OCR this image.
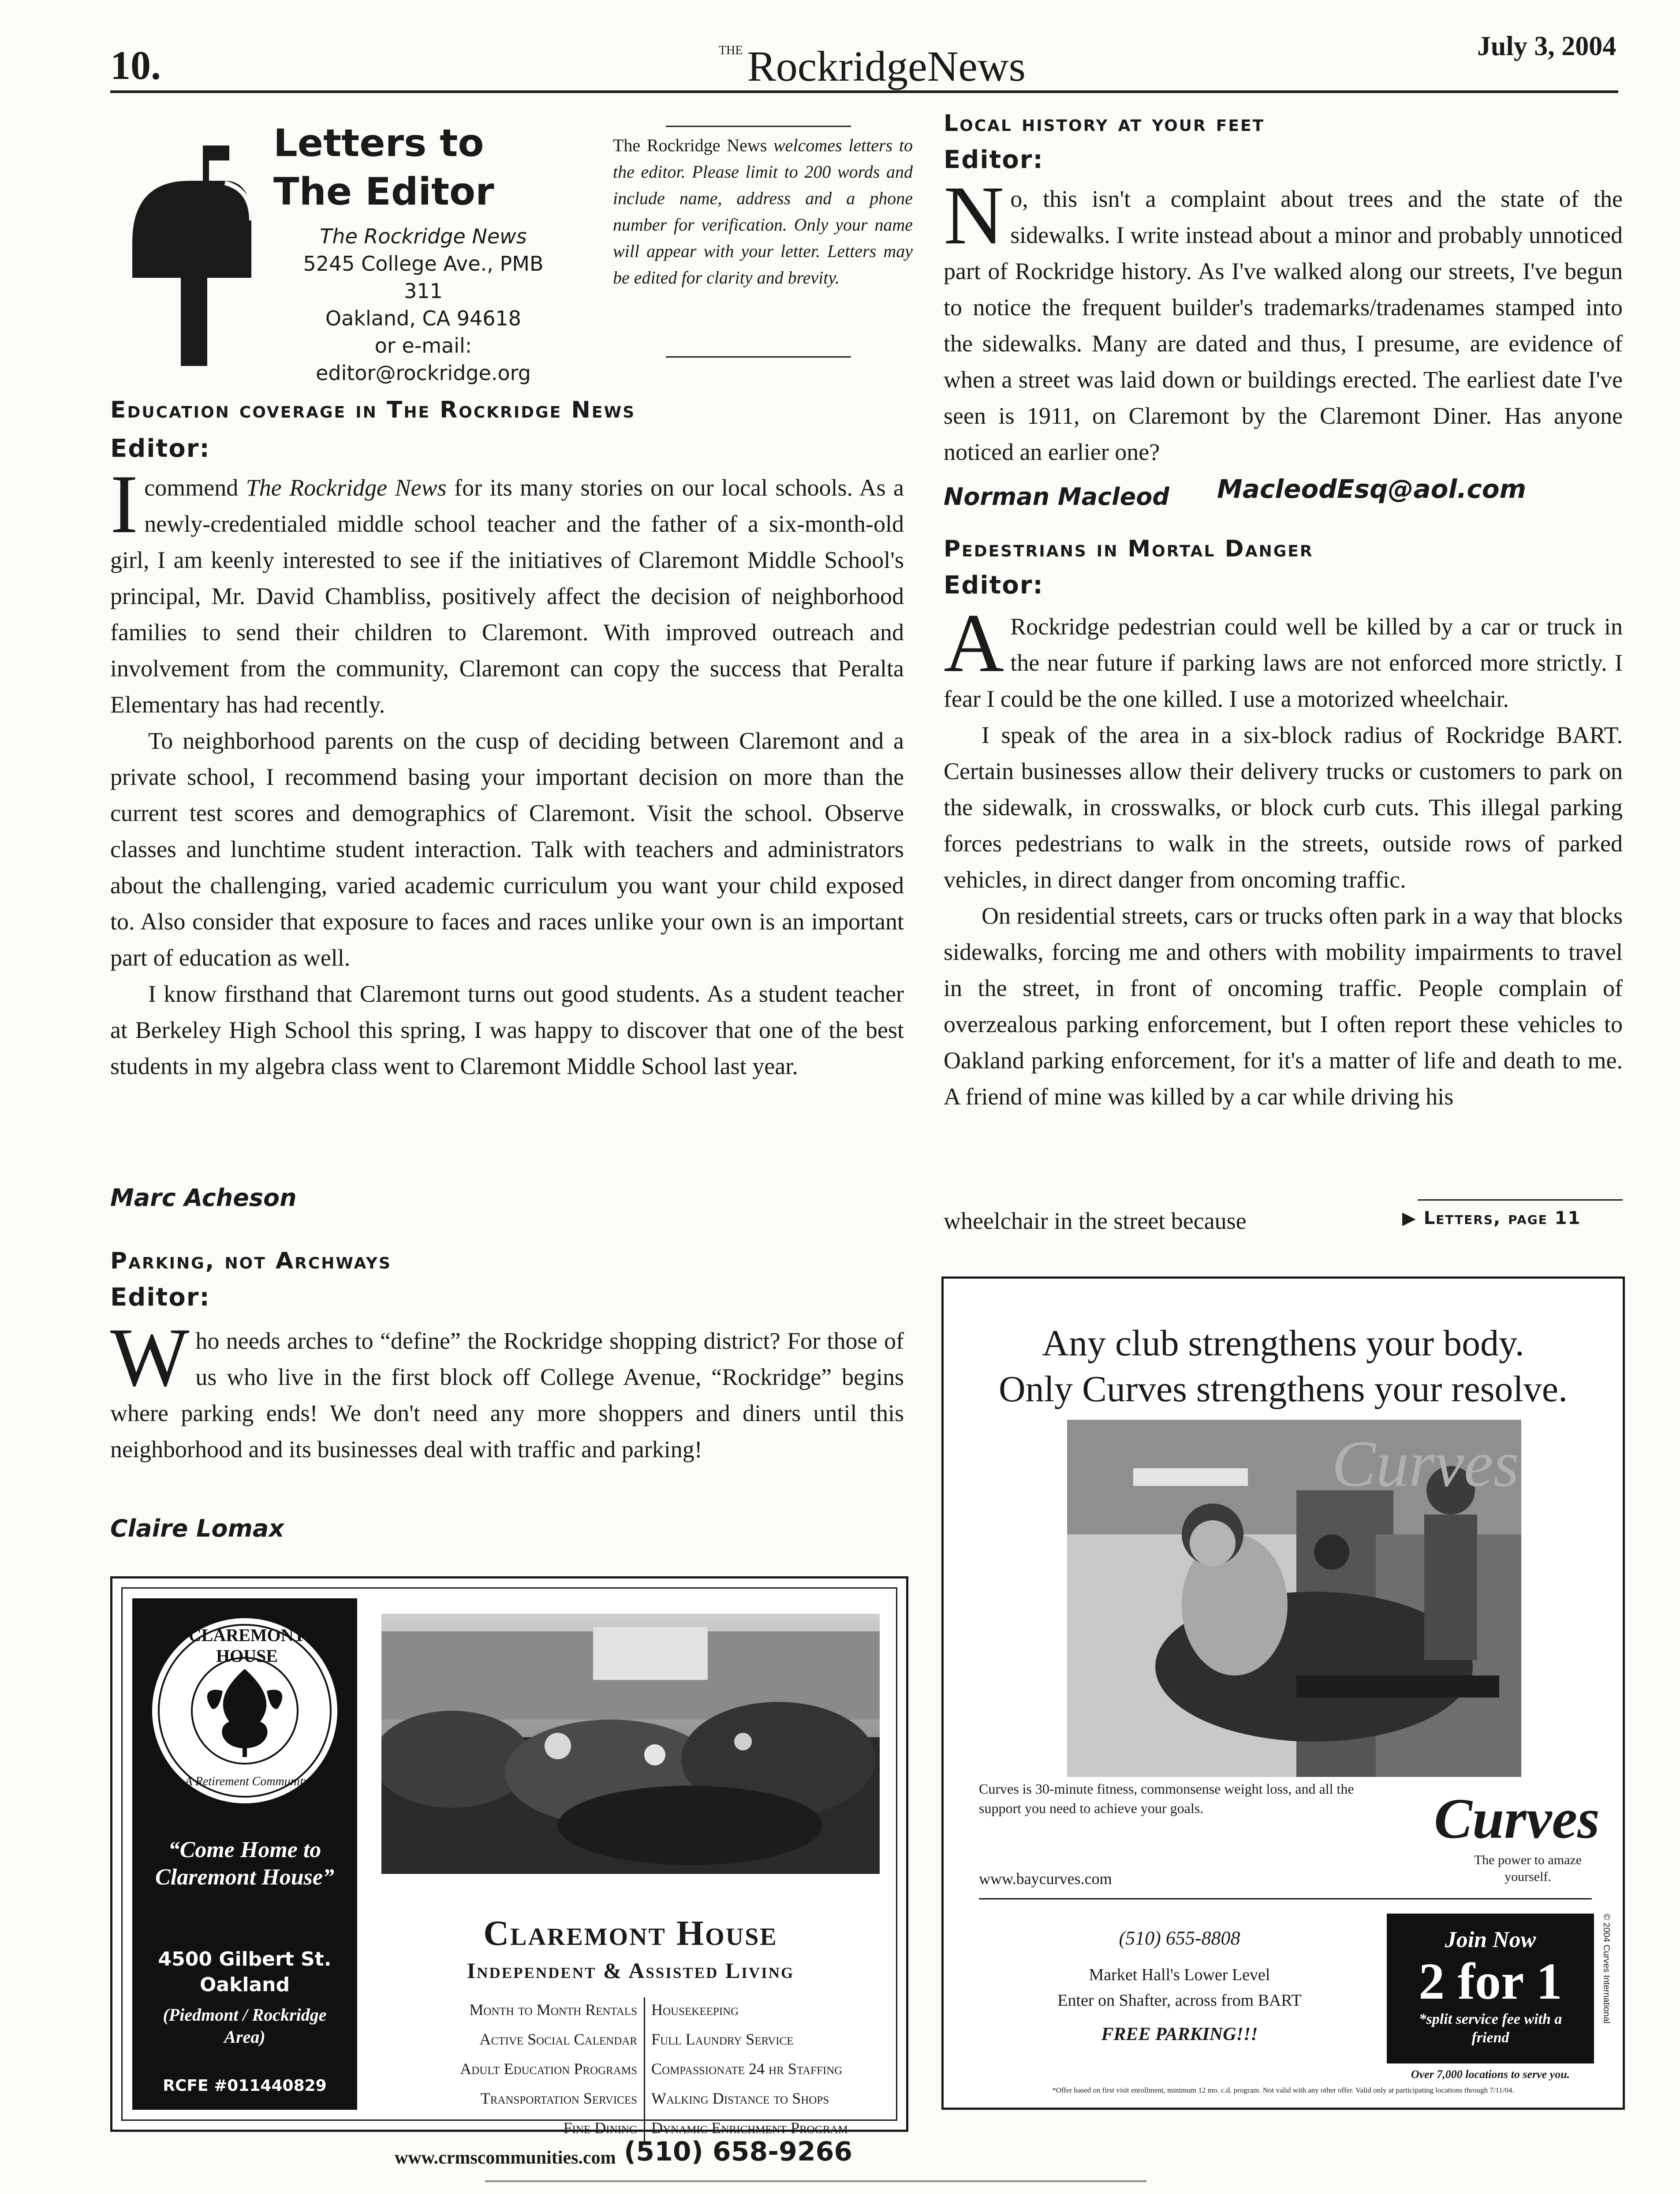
10.	$^{THE}$ RockridgeNews	July 3, 2004
Letters to
The Editor
The Rockridge News
5245 College Ave., PMB 311
Oakland, CA 94618
or e-mail:
editor@rockridge.org
The Rockridge News welcomes letters to the editor. Please limit to 200 words and include name, address and a phone number for verification. Only your name will appear with your letter. Letters may be edited for clarity and brevity.
Education coverage in The Rockridge News
Editor:

Icommend The Rockridge News for its many stories on our local schools. As a newly-credentialed middle school teacher and the father of a six-month-old girl, I am keenly interested to see if the initiatives of Claremont Middle School's principal, Mr. David Chambliss, positively affect the decision of neighborhood families to send their children to Claremont. With improved outreach and involvement from the community, Claremont can copy the success that Peralta Elementary has had recently.

To neighborhood parents on the cusp of deciding between Claremont and a private school, I recommend basing your important decision on more than the current test scores and demographics of Claremont. Visit the school. Observe classes and lunchtime student interaction. Talk with teachers and administrators about the challenging, varied academic curriculum you want your child exposed to. Also consider that exposure to faces and races unlike your own is an important part of education as well.

I know firsthand that Claremont turns out good students. As a student teacher at Berkeley High School this spring, I was happy to discover that one of the best students in my algebra class went to Claremont Middle School last year.

Marc Acheson
Parking, not Archways
Editor:

Who needs arches to “define” the Rockridge shopping district? For those of us who live in the first block off College Avenue, “Rockridge” begins where parking ends! We don't need any more shoppers and diners until this neighborhood and its businesses deal with traffic and parking!

Claire Lomax
Local history at your feet
Editor:

No, this isn't a complaint about trees and the state of the sidewalks. I write instead about a minor and probably unnoticed part of Rockridge history. As I've walked along our streets, I've begun to notice the frequent builder's trademarks/tradenames stamped into the sidewalks. Many are dated and thus, I presume, are evidence of when a street was laid down or buildings erected. The earliest date I've seen is 1911, on Claremont by the Claremont Diner. Has anyone noticed an earlier one?

Norman Macleod MacleodEsq@aol.com
Pedestrians in Mortal Danger
Editor:

A Rockridge pedestrian could well be killed by a car or truck in the near future if parking laws are not enforced more strictly. I fear I could be the one killed. I use a motorized wheelchair.

I speak of the area in a six-block radius of Rockridge BART. Certain businesses allow their delivery trucks or customers to park on the sidewalk, in crosswalks, or block curb cuts. This illegal parking forces pedestrians to walk in the streets, outside rows of parked vehicles, in direct danger from oncoming traffic.

On residential streets, cars or trucks often park in a way that blocks sidewalks, forcing me and others with mobility impairments to travel in the street, in front of oncoming traffic. People complain of overzealous parking enforcement, but I often report these vehicles to Oakland parking enforcement, for it's a matter of life and death to me. A friend of mine was killed by a car while driving his

wheelchair in the street because	▶ Letters, page 11
CLAREMONT HOUSE
A Retirement Community
“Come Home to Claremont House”
4500 Gilbert St.
Oakland
(Piedmont / Rockridge Area)
RCFE #011440829
Claremont House
Independent & Assisted Living
Month to Month Rentals
Active Social Calendar
Adult Education Programs
Transportation Services
Fine Dining
Housekeeping
Full Laundry Service
Compassionate 24 hr Staffing
Walking Distance to Shops
Dynamic Enrichment Program
www.crmscommunities.com (510) 658-9266
Any club strengthens your body.
Only Curves strengthens your resolve.
Curves
Curves is 30-minute fitness, commonsense weight loss, and all the support you need to achieve your goals.	Curves
The power to amaze yourself.
www.baycurves.com
(510) 655-8808
Market Hall's Lower Level
Enter on Shafter, across from BART
FREE PARKING!!!
Join Now
2 for 1
*split service fee with a friend
© 2004 Curves International
Over 7,000 locations to serve you.
*Offer based on first visit enrollment, minimum 12 mo. c.d. program. Not valid with any other offer. Valid only at participating locations through 7/11/04.
